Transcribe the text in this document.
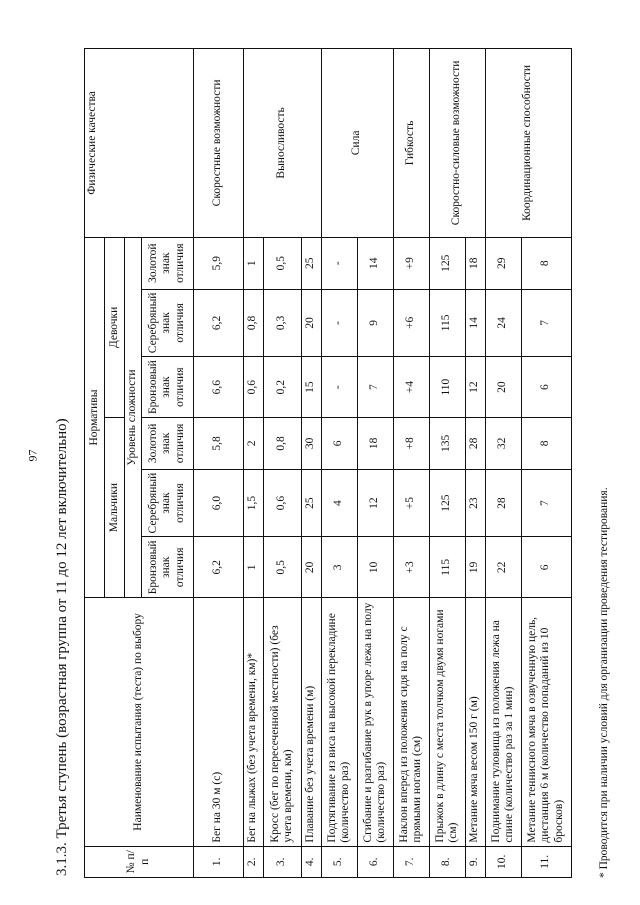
97 3.1.3. Третья ступень (возрастная группа от 11 до 12 лет включительно)	№ п/п	Наименование испытания (теста) по выбору	Нормативы						Физические качества
		Мальчики			Девочки			
		Уровень сложности						
		Бронзовый знак отличия	Серебряный знак отличия	Золотой знак отличия	Бронзовый знак отличия	Серебряный знак отличия	Золотой знак отличия	
1.	Бег на 30 м (с)	6,2	6,0	5,8	6,6	6,2	5,9	Скоростные возможности
2.	Бег на лыжах (без учета времени, км)*	1	1,5	2	0,6	0,8	1	Выносливость
3.	Кросс (бег по пересеченной местности) (без учета времени, км)	0,5	0,6	0,8	0,2	0,3	0,5	
4.	Плавание без учета времени (м)	20	25	30	15	20	25	
5.	Подтягивание из виса на высокой перекладине (количество раз)	3	4	6	-	-	-	Сила
6.	Сгибание и разгибание рук в упоре лежа на полу (количество раз)	10	12	18	7	9	14	
7.	Наклон вперед из положения сидя на полу с прямыми ногами (см)	+3	+5	+8	+4	+6	+9	Гибкость
8.	Прыжок в длину с места толчком двумя ногами (см)	115	125	135	110	115	125	Скоростно-силовые возможности
9.	Метание мяча весом 150 г (м)	19	23	28	12	14	18	
10.	Поднимание туловища из положения лежа на спине (количество раз за 1 мин)	22	28	32	20	24	29	Координационные способности
11.	Метание теннисного мяча в озвученную цель, дистанция 6 м (количество попаданий из 10 бросков)	6	7	8	6	7	8	
* Проводится при наличии условий для организации проведения тестирования.
